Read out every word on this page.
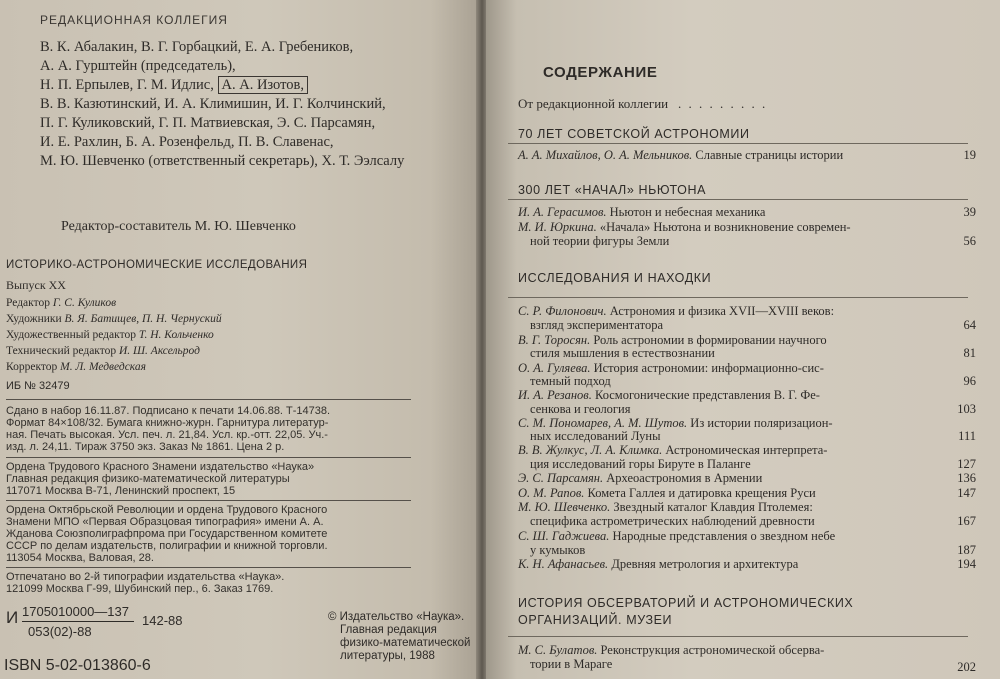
РЕДАКЦИОННАЯ КОЛЛЕГИЯ
В. К. Абалакин, В. Г. Горбацкий, Е. А. Гребеников,
А. А. Гурштейн (председатель),
Н. П. Ерпылев, Г. М. Идлис, А. А. Изотов,
В. В. Казютинский, И. А. Климишин, И. Г. Колчинский,
П. Г. Куликовский, Г. П. Матвиевская, Э. С. Парсамян,
И. Е. Рахлин, Б. А. Розенфельд, П. В. Славенас,
М. Ю. Шевченко (ответственный секретарь), Х. Т. Ээлсалу
Редактор-составитель М. Ю. Шевченко
ИСТОРИКО-АСТРОНОМИЧЕСКИЕ ИССЛЕДОВАНИЯ
Выпуск XX
Редактор Г. С. Куликов
Художники В. Я. Батищев, П. Н. Чернуский
Художественный редактор Т. Н. Кольченко
Технический редактор И. Ш. Аксельрод
Корректор М. Л. Медведская
ИБ № 32479
Сдано в набор 16.11.87. Подписано к печати 14.06.88. Т-14738.
Формат 84×108/32. Бумага книжно-журн. Гарнитура литератур-
ная. Печать высокая. Усл. печ. л. 21,84. Усл. кр.-отт. 22,05. Уч.-
изд. л. 24,11. Тираж 3750 экз. Заказ № 1861. Цена 2 р.
Ордена Трудового Красного Знамени издательство «Наука»
Главная редакция физико-математической литературы
117071 Москва В-71, Ленинский проспект, 15
Ордена Октябрьской Революции и ордена Трудового Красного
Знамени МПО «Первая Образцовая типография» имени А. А.
Жданова Союзполиграфпрома при Государственном комитете
СССР по делам издательств, полиграфии и книжной торговли.
113054 Москва, Валовая, 28.
Отпечатано во 2-й типографии издательства «Наука».
121099 Москва Г-99, Шубинский пер., 6. Заказ 1769.
И 1705010000—137
053(02)-88
142-88	© Издательство «Наука».
Главная редакция
физико-математической
литературы, 1988
ISBN 5-02-013860-6
СОДЕРЖАНИЕ
От редакционной коллегии . . . . . . . . .
70 ЛЕТ СОВЕТСКОЙ АСТРОНОМИИ
А. А. Михайлов, О. А. Мельников. Славные страницы истории	19
300 ЛЕТ «НАЧАЛ» НЬЮТОНА
И. А. Герасимов. Ньютон и небесная механика	39
М. И. Юркина. «Начала» Ньютона и возникновение современ-
ной теории фигуры Земли	56
ИССЛЕДОВАНИЯ И НАХОДКИ
С. Р. Филонович. Астрономия и физика XVII—XVIII веков:
взгляд экспериментатора	64
В. Г. Торосян. Роль астрономии в формировании научного
стиля мышления в естествознании	81
О. А. Гуляева. История астрономии: информационно-сис-
темный подход	96
И. А. Резанов. Космогонические представления В. Г. Фе-
сенкова и геология	103
С. М. Пономарев, А. М. Шутов. Из истории поляризацион-
ных исследований Луны	111
В. В. Жулкус, Л. А. Климка. Астрономическая интерпрета-
ция исследований горы Бируте в Паланге	127
Э. С. Парсамян. Археоастрономия в Армении	136
О. М. Рапов. Комета Галлея и датировка крещения Руси	147
М. Ю. Шевченко. Звездный каталог Клавдия Птолемея:
специфика астрометрических наблюдений древности	167
С. Ш. Гаджиева. Народные представления о звездном небе
у кумыков	187
К. Н. Афанасьев. Древняя метрология и архитектура	194
ИСТОРИЯ ОБСЕРВАТОРИЙ И АСТРОНОМИЧЕСКИХ
ОРГАНИЗАЦИЙ. МУЗЕИ
М. С. Булатов. Реконструкция астрономической обсерва-
тории в Мараге	202
